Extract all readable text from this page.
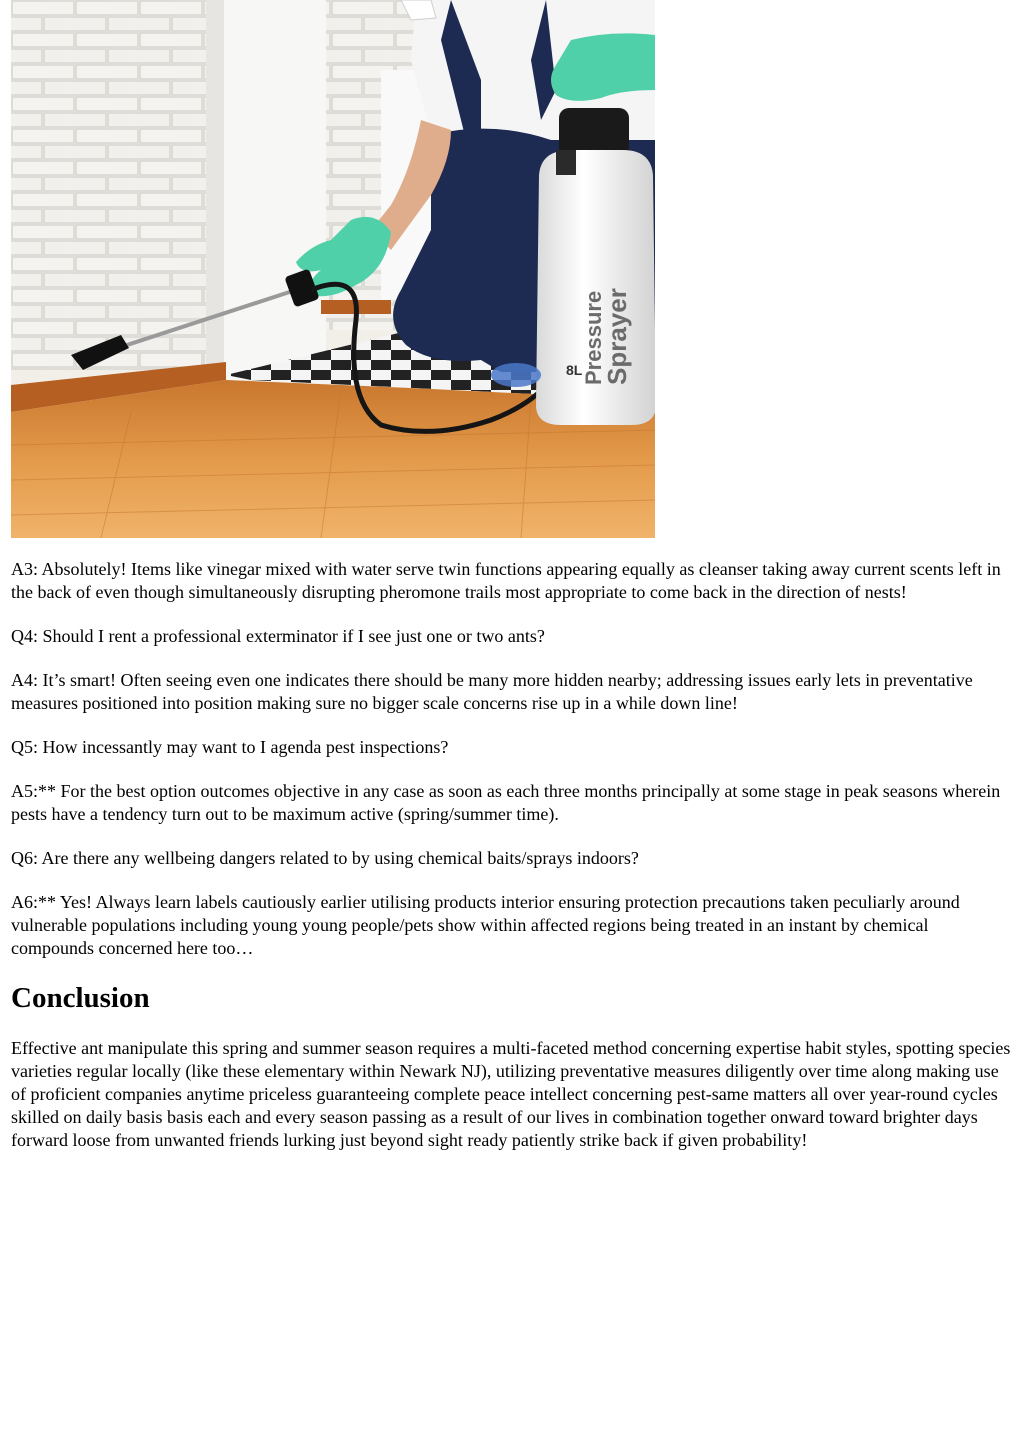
Pressure
Sprayer
8L

A3: Absolutely! Items like vinegar mixed with water serve twin functions appearing equally as cleanser taking away current scents left in the back of even though simultaneously disrupting pheromone trails most appropriate to come back in the direction of nests!

Q4: Should I rent a professional exterminator if I see just one or two ants?

A4: It’s smart! Often seeing even one indicates there should be many more hidden nearby; addressing issues early lets in preventative measures positioned into position making sure no bigger scale concerns rise up in a while down line!

Q5: How incessantly may want to I agenda pest inspections?

A5:** For the best option outcomes objective in any case as soon as each three months principally at some stage in peak seasons wherein pests have a tendency turn out to be maximum active (spring/summer time).

Q6: Are there any wellbeing dangers related to by using chemical baits/sprays indoors?

A6:** Yes! Always learn labels cautiously earlier utilising products interior ensuring protection precautions taken peculiarly around vulnerable populations including young young people/pets show within affected regions being treated in an instant by chemical compounds concerned here too…

Conclusion

Effective ant manipulate this spring and summer season requires a multi-faceted method concerning expertise habit styles, spotting species varieties regular locally (like these elementary within Newark NJ), utilizing preventative measures diligently over time along making use of proficient companies anytime priceless guaranteeing complete peace intellect concerning pest-same matters all over year-round cycles skilled on daily basis basis each and every season passing as a result of our lives in combination together onward toward brighter days forward loose from unwanted friends lurking just beyond sight ready patiently strike back if given probability!
